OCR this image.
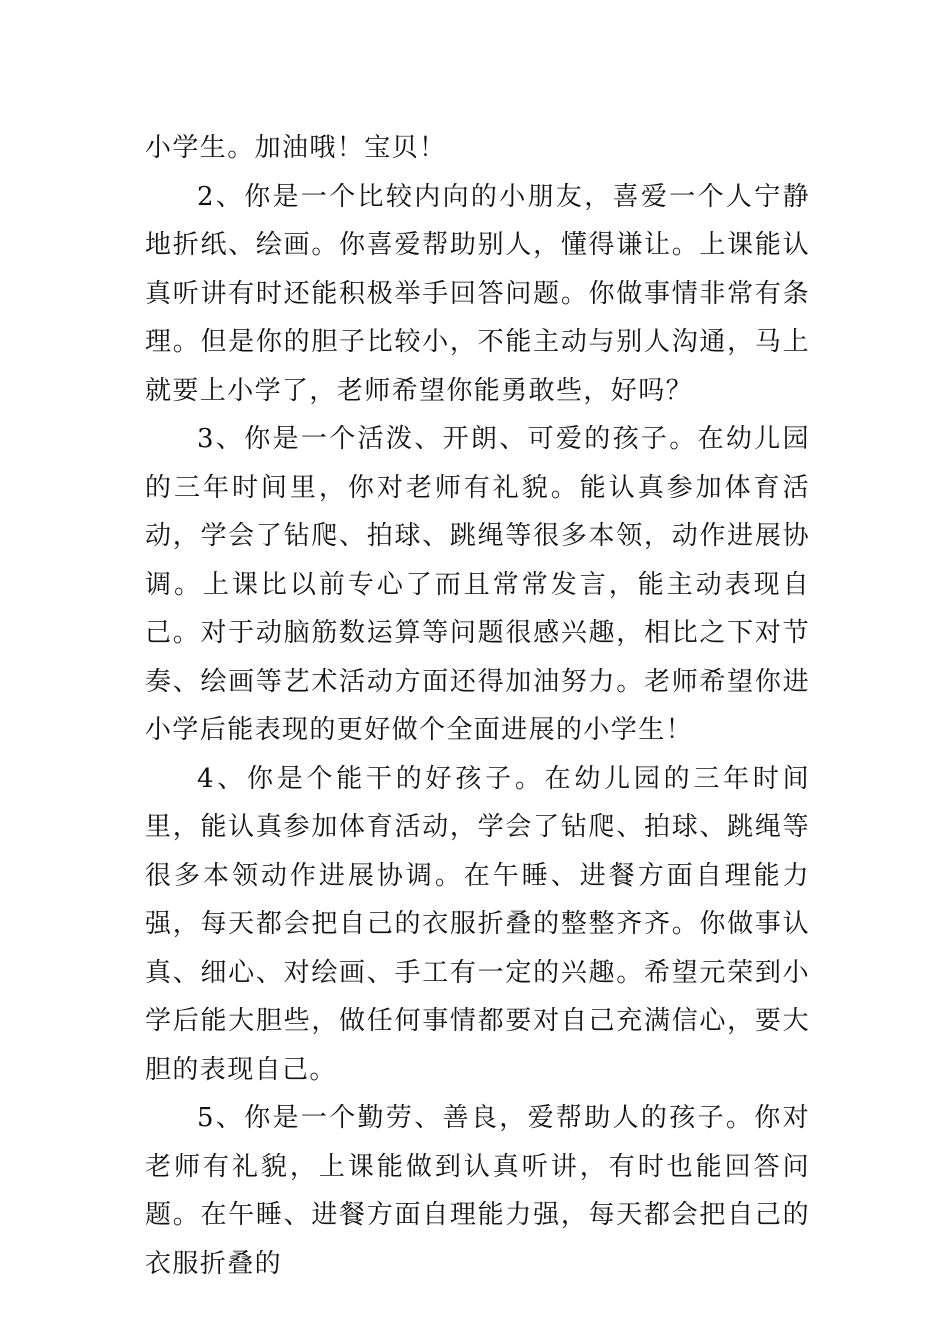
小学生。加油哦！宝贝！

2、你是一个比较内向的小朋友，喜爱一个人宁静地折纸、绘画。你喜爱帮助别人，懂得谦让。上课能认真听讲有时还能积极举手回答问题。你做事情非常有条理。但是你的胆子比较小，不能主动与别人沟通，马上就要上小学了，老师希望你能勇敢些，好吗？

3、你是一个活泼、开朗、可爱的孩子。在幼儿园的三年时间里，你对老师有礼貌。能认真参加体育活动，学会了钻爬、拍球、跳绳等很多本领，动作进展协调。上课比以前专心了而且常常发言，能主动表现自己。对于动脑筋数运算等问题很感兴趣，相比之下对节奏、绘画等艺术活动方面还得加油努力。老师希望你进小学后能表现的更好做个全面进展的小学生！

4、你是个能干的好孩子。在幼儿园的三年时间里，能认真参加体育活动，学会了钻爬、拍球、跳绳等很多本领动作进展协调。在午睡、进餐方面自理能力强，每天都会把自己的衣服折叠的整整齐齐。你做事认真、细心、对绘画、手工有一定的兴趣。希望元荣到小学后能大胆些，做任何事情都要对自己充满信心，要大胆的表现自己。

5、你是一个勤劳、善良，爱帮助人的孩子。你对老师有礼貌，上课能做到认真听讲，有时也能回答问题。在午睡、进餐方面自理能力强，每天都会把自己的衣服折叠的
